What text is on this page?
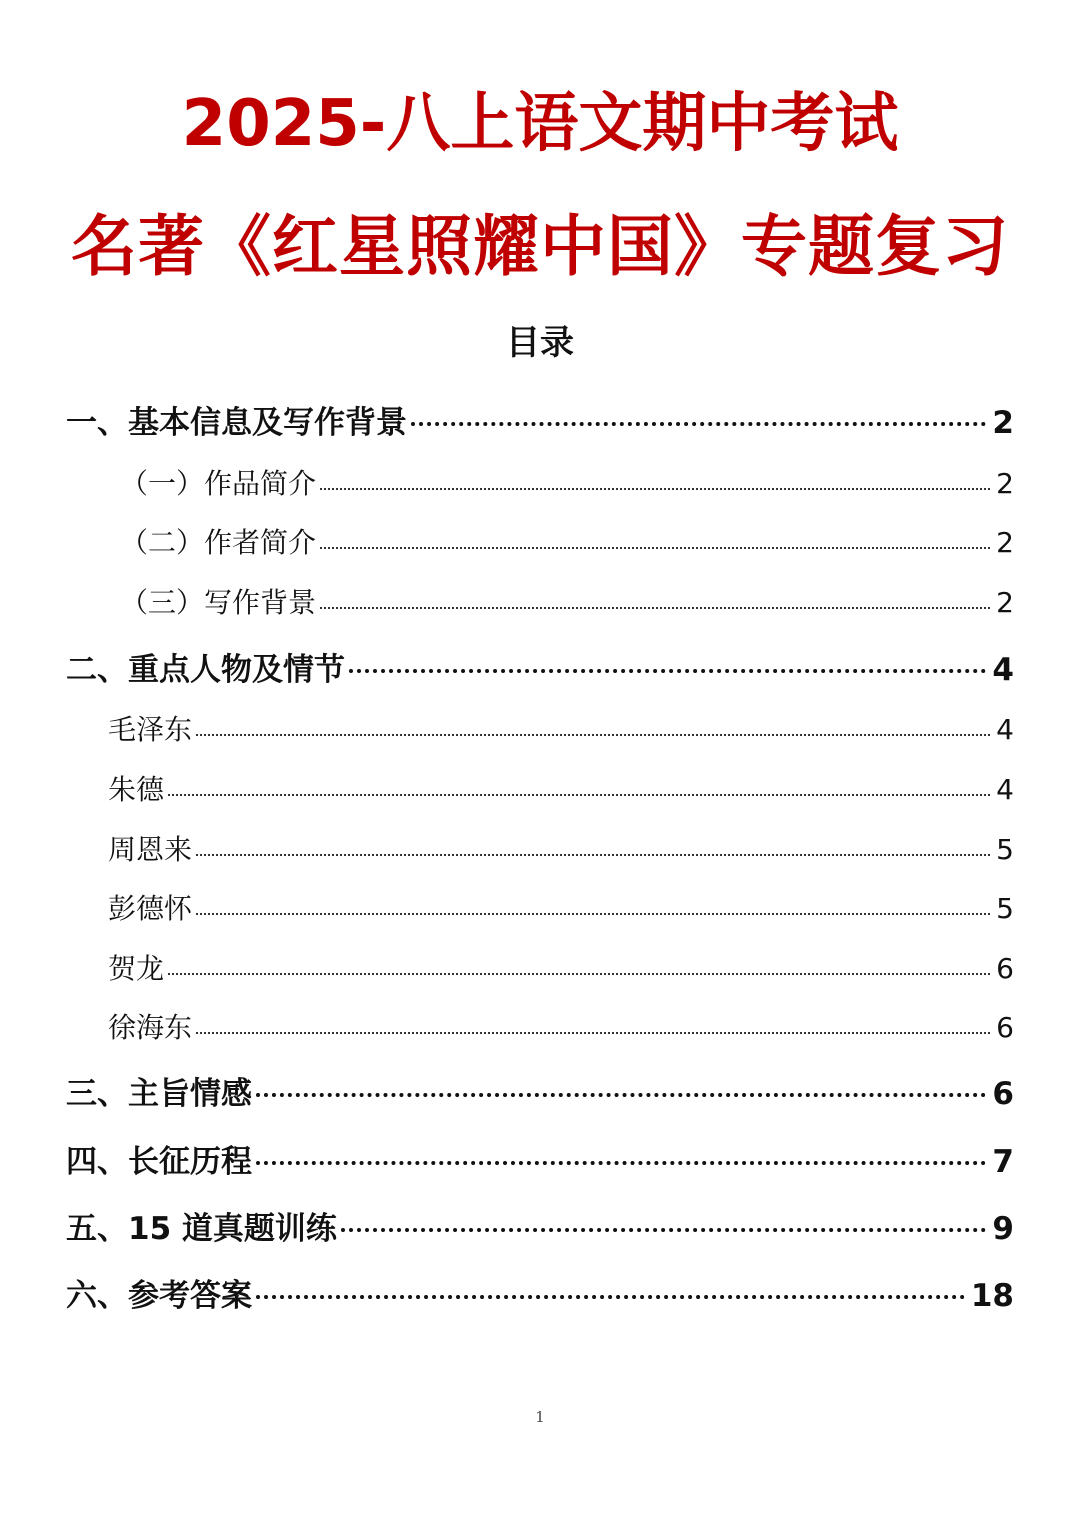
2025-八上语文期中考试
名著《红星照耀中国》专题复习
目录
一、基本信息及写作背景	2
（一）作品简介	2
（二）作者简介	2
（三）写作背景	2
二、重点人物及情节	4
毛泽东	4
朱德	4
周恩来	5
彭德怀	5
贺龙	6
徐海东	6
三、主旨情感	6
四、长征历程	7
五、15 道真题训练	9
六、参考答案	18
1
